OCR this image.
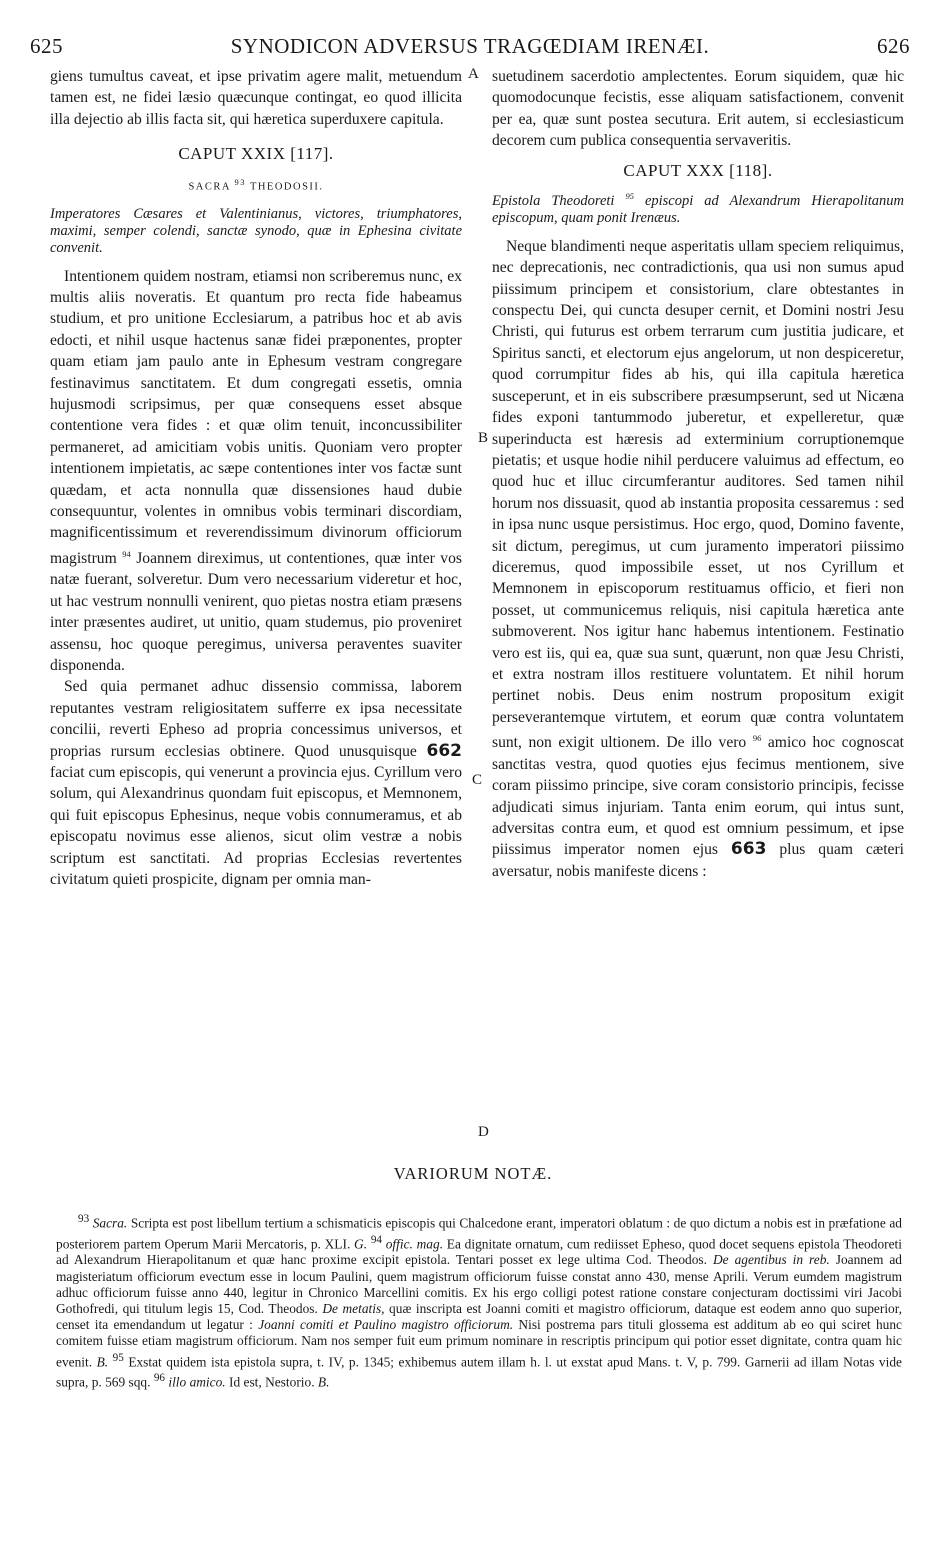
625	SYNODICON ADVERSUS TRAGŒDIAM IRENÆI.	626
A
B
C
D

giens tumultus caveat, et ipse privatim agere malit, metuendum tamen est, ne fidei læsio quæcunque contingat, eo quod illicita illa dejectio ab illis facta sit, qui hæretica superduxere capitula.

CAPUT XXIX [117].
SACRA $^{93}$ THEODOSII.
Imperatores Cæsares et Valentinianus, victores, triumphatores, maximi, semper colendi, sanctæ synodo, quæ in Ephesina civitate convenit.

Intentionem quidem nostram, etiamsi non scriberemus nunc, ex multis aliis noveratis. Et quantum pro recta fide habeamus studium, et pro unitione Ecclesiarum, a patribus hoc et ab avis edocti, et nihil usque hactenus sanæ fidei præponentes, propter quam etiam jam paulo ante in Ephesum vestram congregare festinavimus sanctitatem. Et dum congregati essetis, omnia hujusmodi scripsimus, per quæ consequens esset absque contentione vera fides : et quæ olim tenuit, inconcussibiliter permaneret, ad amicitiam vobis unitis. Quoniam vero propter intentionem impietatis, ac sæpe contentiones inter vos factæ sunt quædam, et acta nonnulla quæ dissensiones haud dubie consequuntur, volentes in omnibus vobis terminari discordiam, magnificentissimum et reverendissimum divinorum officiorum magistrum $^{94}$ Joannem direximus, ut contentiones, quæ inter vos natæ fuerant, solveretur. Dum vero necessarium videretur et hoc, ut hac vestrum nonnulli venirent, quo pietas nostra etiam præsens inter præsentes audiret, ut unitio, quam studemus, pio proveniret assensu, hoc quoque peregimus, universa peraventes suaviter disponenda.

Sed quia permanet adhuc dissensio commissa, laborem reputantes vestram religiositatem sufferre ex ipsa necessitate concilii, reverti Epheso ad propria concessimus universos, et proprias rursum ecclesias obtinere. Quod unusquisque 662 faciat cum episcopis, qui venerunt a provincia ejus. Cyrillum vero solum, qui Alexandrinus quondam fuit episcopus, et Memnonem, qui fuit episcopus Ephesinus, neque vobis connumeramus, et ab episcopatu novimus esse alienos, sicut olim vestræ a nobis scriptum est sanctitati. Ad proprias Ecclesias revertentes civitatum quieti prospicite, dignam per omnia man-

suetudinem sacerdotio amplectentes. Eorum siquidem, quæ hic quomodocunque fecistis, esse aliquam satisfactionem, convenit per ea, quæ sunt postea secutura. Erit autem, si ecclesiasticum decorem cum publica consequentia servaveritis.

CAPUT XXX [118].
Epistola Theodoreti $^{95}$ episcopi ad Alexandrum Hierapolitanum episcopum, quam ponit Irenæus.

Neque blandimenti neque asperitatis ullam speciem reliquimus, nec deprecationis, nec contradictionis, qua usi non sumus apud piissimum principem et consistorium, clare obtestantes in conspectu Dei, qui cuncta desuper cernit, et Domini nostri Jesu Christi, qui futurus est orbem terrarum cum justitia judicare, et Spiritus sancti, et electorum ejus angelorum, ut non despiceretur, quod corrumpitur fides ab his, qui illa capitula hæretica susceperunt, et in eis subscribere præsumpserunt, sed ut Nicæna fides exponi tantummodo juberetur, et expelleretur, quæ superinducta est hæresis ad exterminium corruptionemque pietatis; et usque hodie nihil perducere valuimus ad effectum, eo quod huc et illuc circumferantur auditores. Sed tamen nihil horum nos dissuasit, quod ab instantia proposita cessaremus : sed in ipsa nunc usque persistimus. Hoc ergo, quod, Domino favente, sit dictum, peregimus, ut cum juramento imperatori piissimo diceremus, quod impossibile esset, ut nos Cyrillum et Memnonem in episcoporum restituamus officio, et fieri non posset, ut communicemus reliquis, nisi capitula hæretica ante submoverent. Nos igitur hanc habemus intentionem. Festinatio vero est iis, qui ea, quæ sua sunt, quærunt, non quæ Jesu Christi, et extra nostram illos restituere voluntatem. Et nihil horum pertinet nobis. Deus enim nostrum propositum exigit perseverantemque virtutem, et eorum quæ contra voluntatem sunt, non exigit ultionem. De illo vero $^{96}$ amico hoc cognoscat sanctitas vestra, quod quoties ejus fecimus mentionem, sive coram piissimo principe, sive coram consistorio principis, fecisse adjudicati simus injuriam. Tanta enim eorum, qui intus sunt, adversitas contra eum, et quod est omnium pessimum, et ipse piissimus imperator nomen ejus 663 plus quam cæteri aversatur, nobis manifeste dicens :

VARIORUM NOTÆ.

$^{93}$ Sacra. Scripta est post libellum tertium a schismaticis episcopis qui Chalcedone erant, imperatori oblatum : de quo dictum a nobis est in præfatione ad posteriorem partem Operum Marii Mercatoris, p. XLI. G. $^{94}$ offic. mag. Ea dignitate ornatum, cum rediisset Epheso, quod docet sequens epistola Theodoreti ad Alexandrum Hierapolitanum et quæ hanc proxime excipit epistola. Tentari posset ex lege ultima Cod. Theodos. De agentibus in reb. Joannem ad magisteriatum officiorum evectum esse in locum Paulini, quem magistrum officiorum fuisse constat anno 430, mense Aprili. Verum eumdem magistrum adhuc officiorum fuisse anno 440, legitur in Chronico Marcellini comitis. Ex his ergo colligi potest ratione constare conjecturam doctissimi viri Jacobi Gothofredi, qui titulum legis 15, Cod. Theodos. De metatis, quæ inscripta est Joanni comiti et magistro officiorum, dataque est eodem anno quo superior, censet ita emendandum ut legatur : Joanni comiti et Paulino magistro officiorum. Nisi postrema pars tituli glossema est additum ab eo qui sciret hunc comitem fuisse etiam magistrum officiorum. Nam nos semper fuit eum primum nominare in rescriptis principum qui potior esset dignitate, contra quam hic evenit. B. $^{95}$ Exstat quidem ista epistola supra, t. IV, p. 1345; exhibemus autem illam h. l. ut exstat apud Mans. t. V, p. 799. Garnerii ad illam Notas vide supra, p. 569 sqq. $^{96}$ illo amico. Id est, Nestorio. B.
